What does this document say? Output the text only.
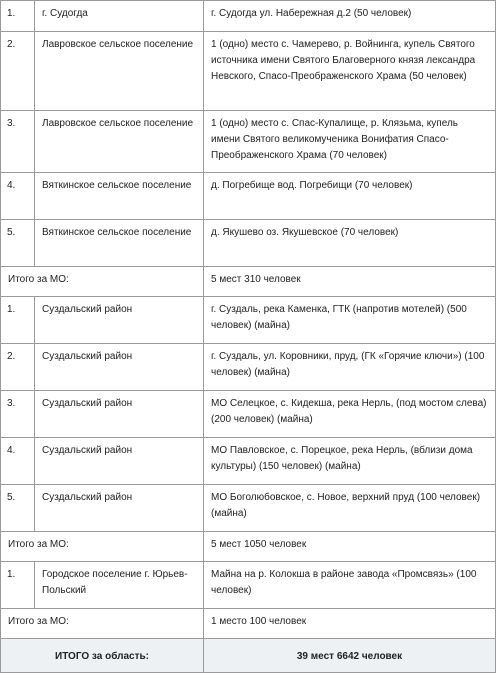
1.	г. Судогда	г. Судогда ул. Набережная д.2 (50 человек)
2.	Лавровское сельское поселение	1 (одно) место с. Чамерево, р. Войнинга, купель Святого источника имени Святого Благоверного князя лександра Невского, Спасо-Преображенского Храма (50 человек)
3.	Лавровское сельское поселение	1 (одно) место с. Спас-Купалище, р. Клязьма, купель имени Святого великомученика Вонифатия Спасо-Преображенского Храма (70 человек)
4.	Вяткинское сельское поселение	д. Погребище вод. Погребищи (70 человек)
5.	Вяткинское сельское поселение	д. Якушево оз. Якушевское (70 человек)
Итого за МО:		5 мест 310 человек
1.	Суздальский район	г. Суздаль, река Каменка, ГТК (напротив мотелей) (500 человек) (майна)
2.	Суздальский район	г. Суздаль, ул. Коровники, пруд, (ГК «Горячие ключи») (100 человек) (майна)
3.	Суздальский район	МО Селецкое, с. Кидекша, река Нерль, (под мостом слева) (200 человек) (майна)
4.	Суздальский район	МО Павловское, с. Порецкое, река Нерль, (вблизи дома культуры) (150 человек) (майна)
5.	Суздальский район	МО Боголюбовское, с. Новое, верхний пруд (100 человек) (майна)
Итого за МО:		5 мест 1050 человек
1.	Городское поселение г. Юрьев-Польский	Майна на р. Колокша в районе завода «Промсвязь» (100 человек)
Итого за МО:		1 место 100 человек
ИТОГО за область:		39 мест 6642 человек
